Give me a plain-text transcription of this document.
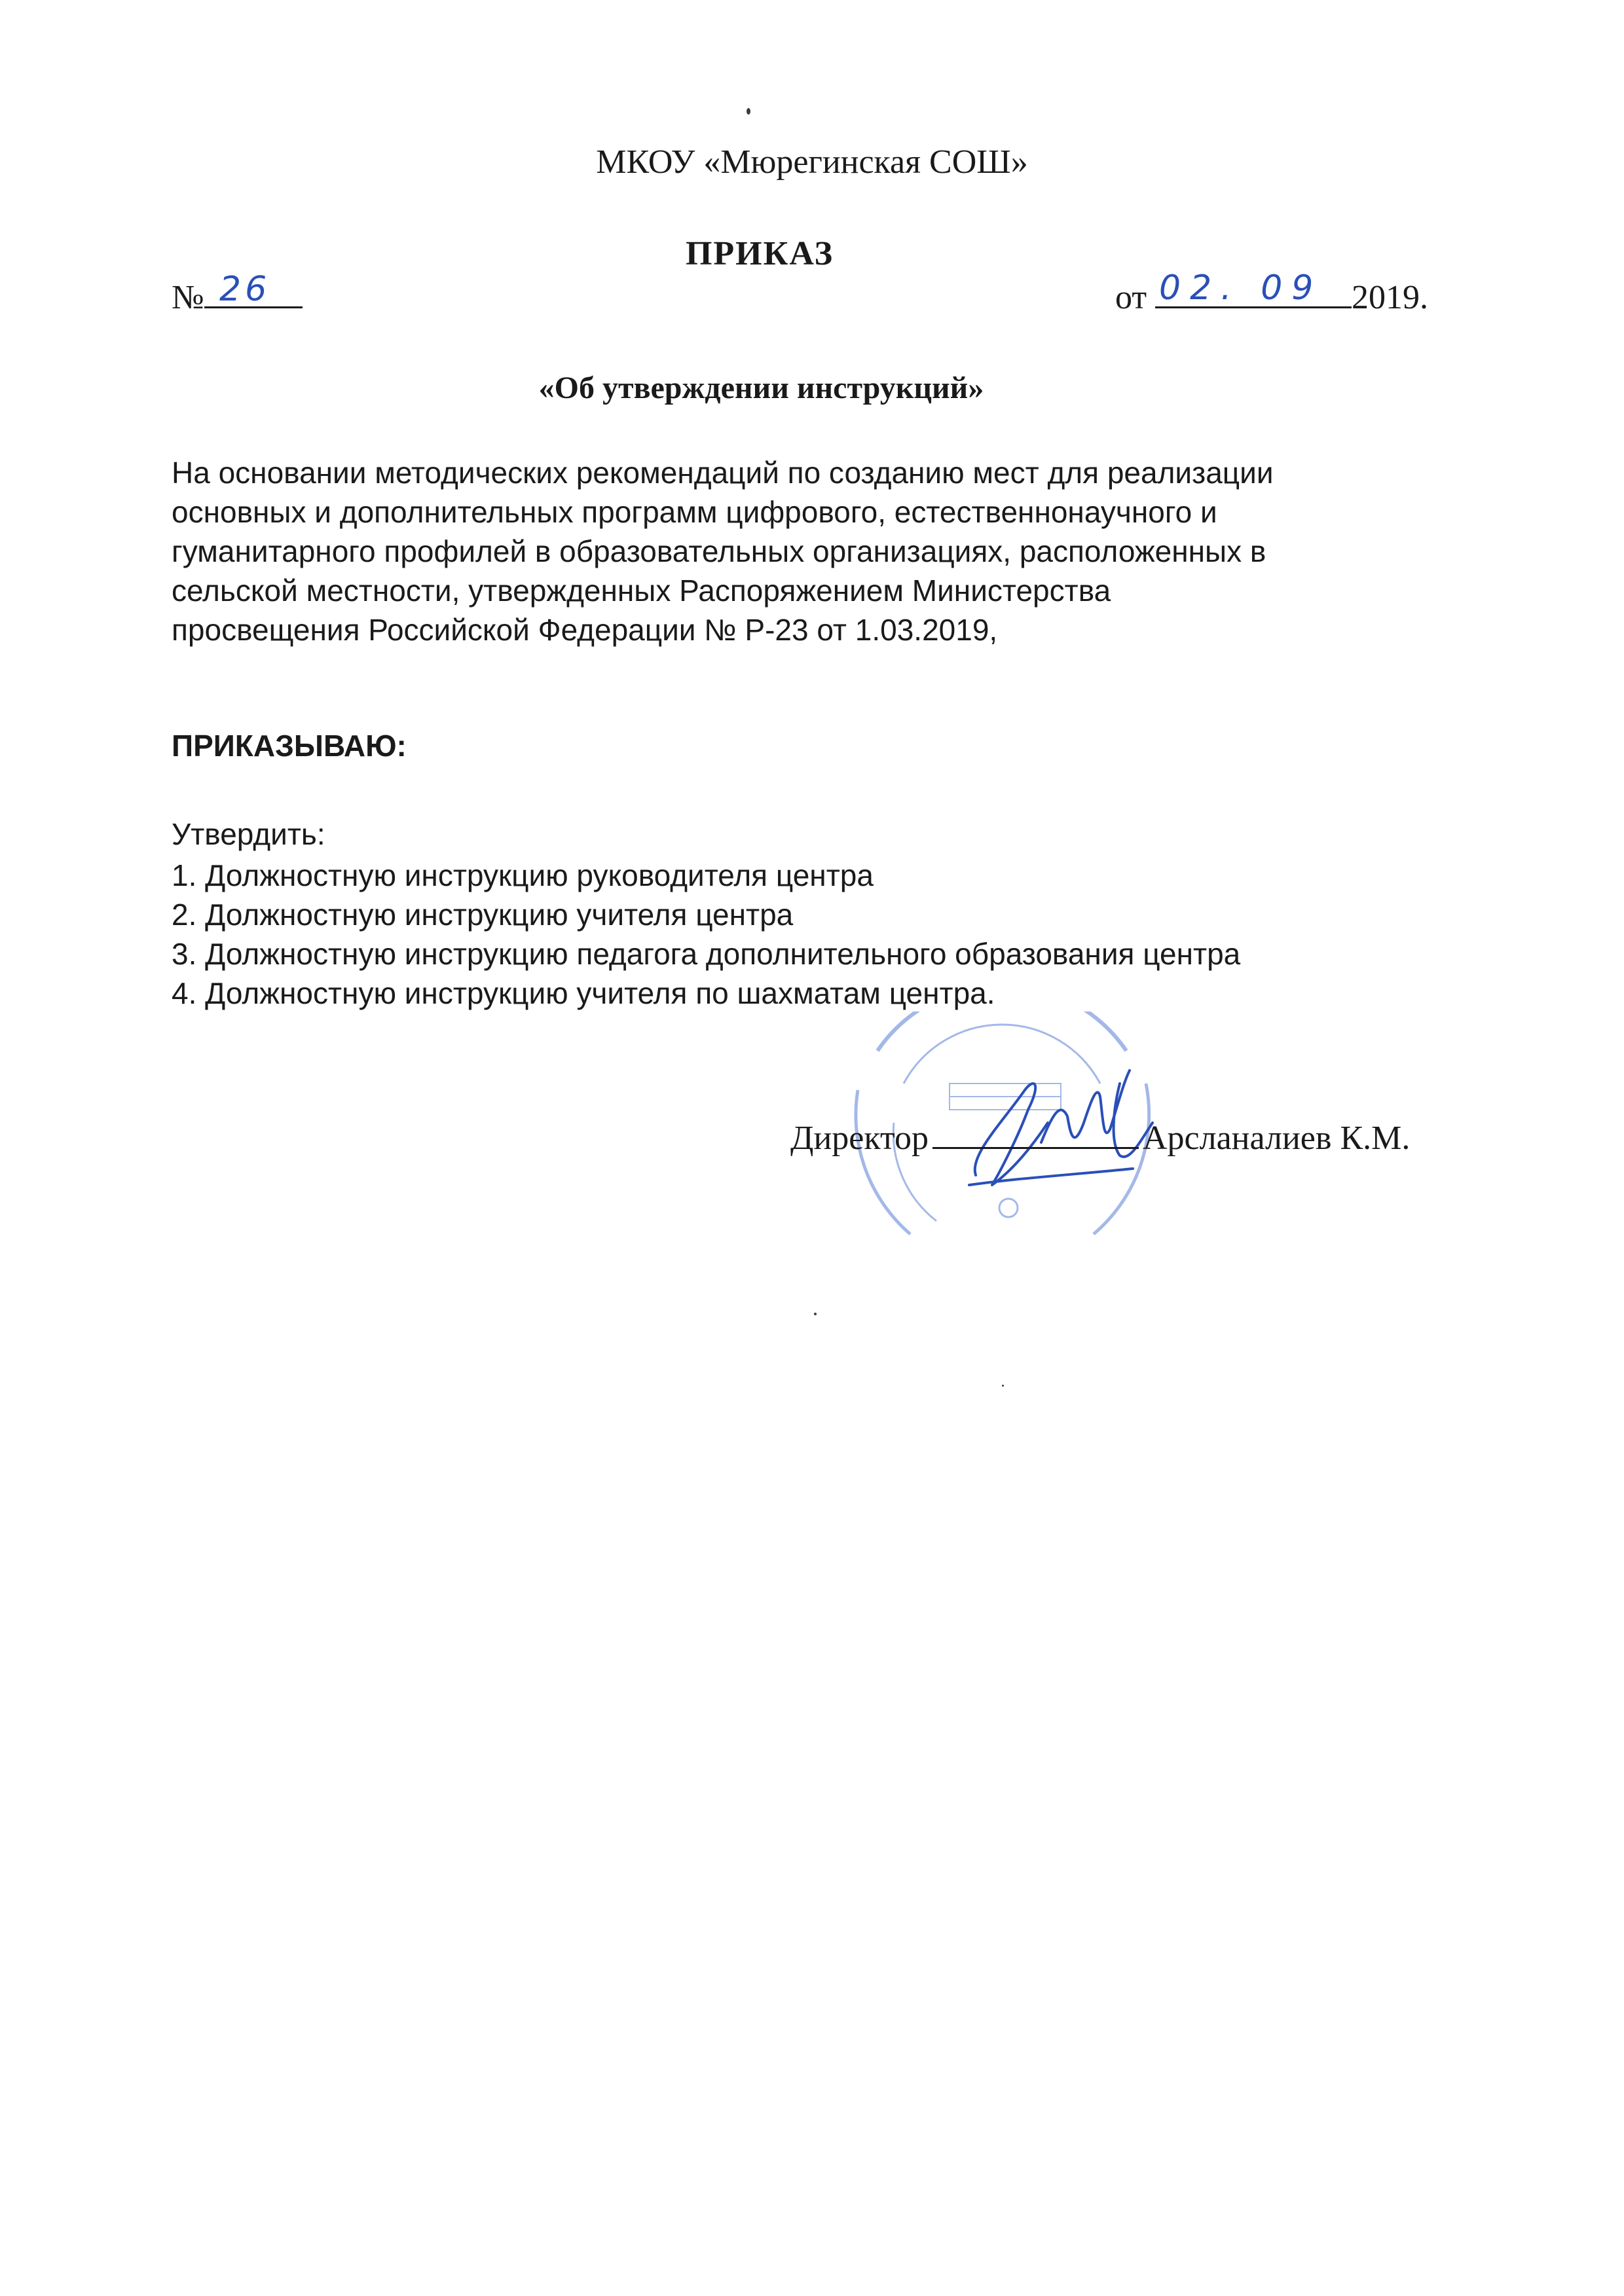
МКОУ «Мюрегинская СОШ»
ПРИКАЗ
№ 26	от	2019.
02. 09
«Об утверждении инструкций»
На основании методических рекомендаций по созданию мест для реализации
основных и дополнительных программ цифрового, естественнонаучного и
гуманитарного профилей в образовательных организациях, расположенных в
сельской местности, утвержденных Распоряжением Министерства
просвещения Российской Федерации № Р-23 от 1.03.2019,
ПРИКАЗЫВАЮ:
Утвердить:
1. Должностную инструкцию руководителя центра
2. Должностную инструкцию учителя центра
3. Должностную инструкцию педагога дополнительного образования центра
4. Должностную инструкцию учителя по шахматам центра.
Директор	Арсланалиев К.М.
